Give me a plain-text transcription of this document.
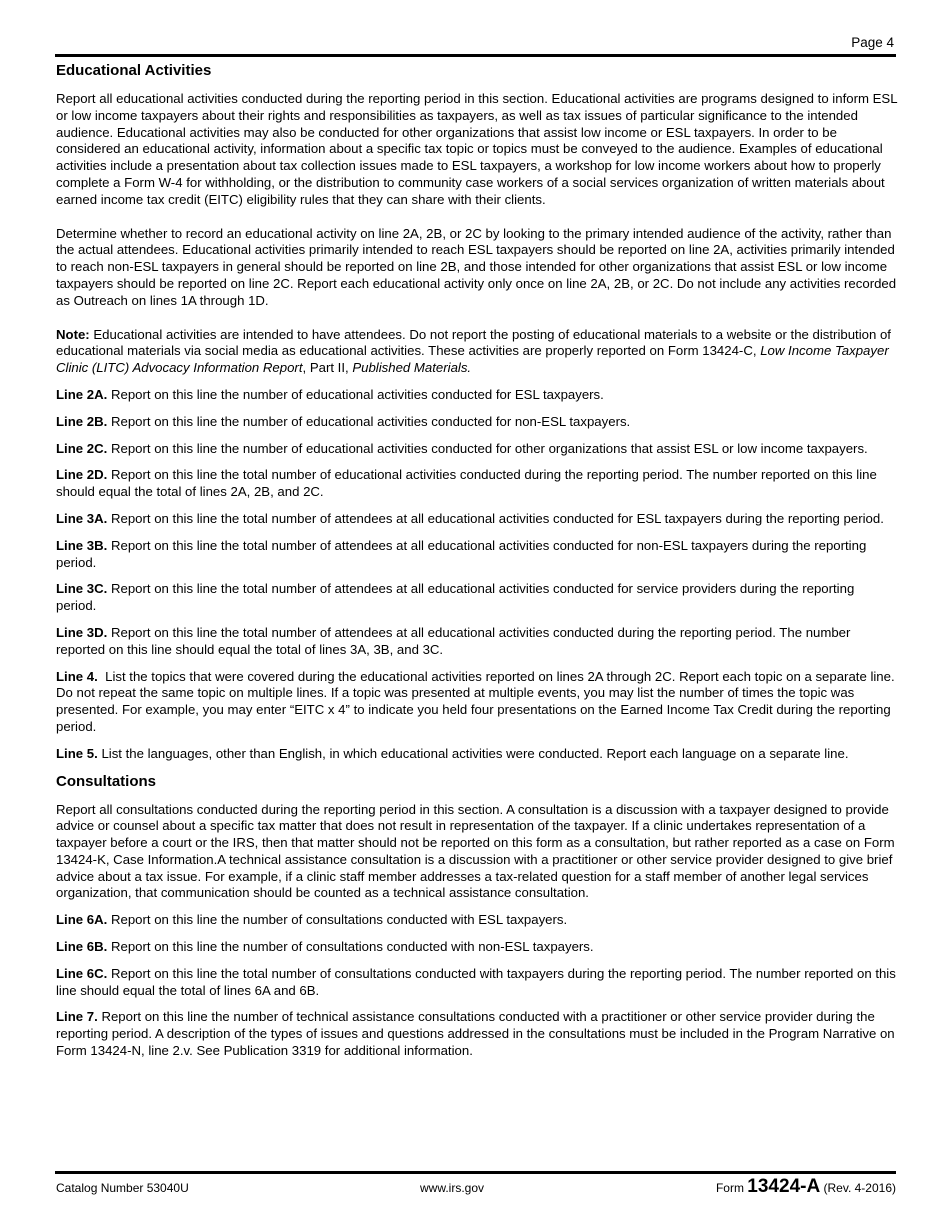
Page 4
Educational Activities

Report all educational activities conducted during the reporting period in this section. Educational activities are programs designed to inform ESL or low income taxpayers about their rights and responsibilities as taxpayers, as well as tax issues of particular significance to the intended audience. Educational activities may also be conducted for other organizations that assist low income or ESL taxpayers. In order to be considered an educational activity, information about a specific tax topic or topics must be conveyed to the audience. Examples of educational activities include a presentation about tax collection issues made to ESL taxpayers, a workshop for low income workers about how to properly complete a Form W-4 for withholding, or the distribution to community case workers of a social services organization of written materials about earned income tax credit (EITC) eligibility rules that they can share with their clients.

Determine whether to record an educational activity on line 2A, 2B, or 2C by looking to the primary intended audience of the activity, rather than the actual attendees. Educational activities primarily intended to reach ESL taxpayers should be reported on line 2A, activities primarily intended to reach non-ESL taxpayers in general should be reported on line 2B, and those intended for other organizations that assist ESL or low income taxpayers should be reported on line 2C. Report each educational activity only once on line 2A, 2B, or 2C. Do not include any activities recorded as Outreach on lines 1A through 1D.

Note: Educational activities are intended to have attendees. Do not report the posting of educational materials to a website or the distribution of educational materials via social media as educational activities. These activities are properly reported on Form 13424-C, Low Income Taxpayer Clinic (LITC) Advocacy Information Report, Part II, Published Materials.

Line 2A. Report on this line the number of educational activities conducted for ESL taxpayers.

Line 2B. Report on this line the number of educational activities conducted for non-ESL taxpayers.

Line 2C. Report on this line the number of educational activities conducted for other organizations that assist ESL or low income taxpayers.

Line 2D. Report on this line the total number of educational activities conducted during the reporting period. The number reported on this line should equal the total of lines 2A, 2B, and 2C.

Line 3A. Report on this line the total number of attendees at all educational activities conducted for ESL taxpayers during the reporting period.

Line 3B. Report on this line the total number of attendees at all educational activities conducted for non-ESL taxpayers during the reporting period.

Line 3C. Report on this line the total number of attendees at all educational activities conducted for service providers during the reporting period.

Line 3D. Report on this line the total number of attendees at all educational activities conducted during the reporting period. The number reported on this line should equal the total of lines 3A, 3B, and 3C.

Line 4.  List the topics that were covered during the educational activities reported on lines 2A through 2C. Report each topic on a separate line. Do not repeat the same topic on multiple lines. If a topic was presented at multiple events, you may list the number of times the topic was presented. For example, you may enter “EITC x 4” to indicate you held four presentations on the Earned Income Tax Credit during the reporting period.

Line 5. List the languages, other than English, in which educational activities were conducted. Report each language on a separate line.

Consultations

Report all consultations conducted during the reporting period in this section. A consultation is a discussion with a taxpayer designed to provide advice or counsel about a specific tax matter that does not result in representation of the taxpayer. If a clinic undertakes representation of a taxpayer before a court or the IRS, then that matter should not be reported on this form as a consultation, but rather reported as a case on Form 13424-K, Case Information.A technical assistance consultation is a discussion with a practitioner or other service provider designed to give brief advice about a tax issue. For example, if a clinic staff member addresses a tax-related question for a staff member of another legal services organization, that communication should be counted as a technical assistance consultation.

Line 6A. Report on this line the number of consultations conducted with ESL taxpayers.

Line 6B. Report on this line the number of consultations conducted with non-ESL taxpayers.

Line 6C. Report on this line the total number of consultations conducted with taxpayers during the reporting period. The number reported on this line should equal the total of lines 6A and 6B.

Line 7. Report on this line the number of technical assistance consultations conducted with a practitioner or other service provider during the reporting period. A description of the types of issues and questions addressed in the consultations must be included in the Program Narrative on Form 13424-N, line 2.v. See Publication 3319 for additional information.

Catalog Number 53040U	www.irs.gov	Form 13424-A (Rev. 4-2016)
